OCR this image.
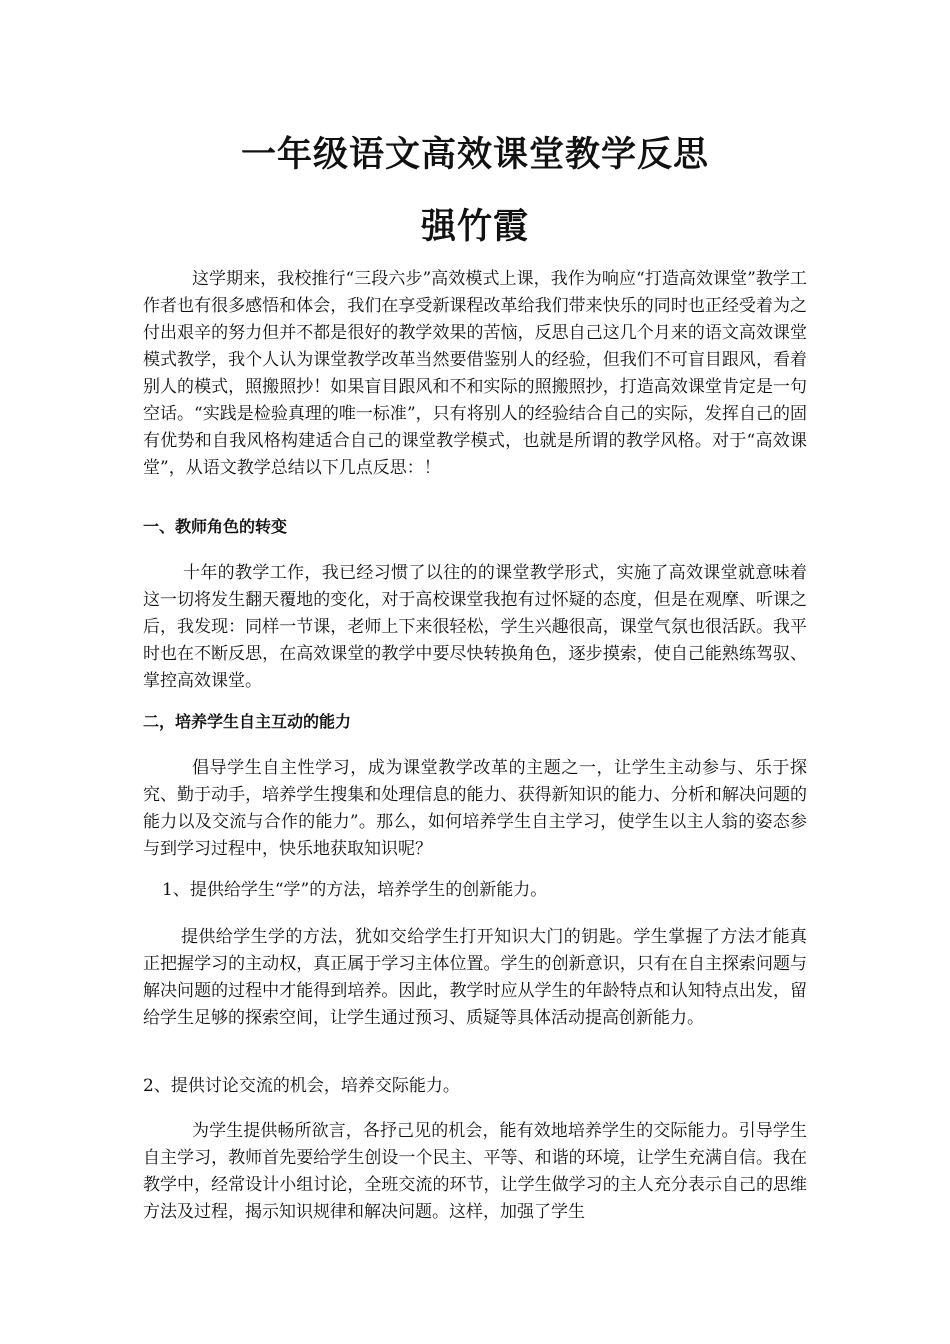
一年级语文高效课堂教学反思
强竹霞

这学期来，我校推行“三段六步”高效模式上课，我作为响应“打造高效课堂”教学工作者也有很多感悟和体会，我们在享受新课程改革给我们带来快乐的同时也正经受着为之付出艰辛的努力但并不都是很好的教学效果的苦恼，反思自己这几个月来的语文高效课堂模式教学，我个人认为课堂教学改革当然要借鉴别人的经验，但我们不可盲目跟风，看着别人的模式，照搬照抄！如果盲目跟风和不和实际的照搬照抄，打造高效课堂肯定是一句空话。“实践是检验真理的唯一标准”，只有将别人的经验结合自己的实际，发挥自己的固有优势和自我风格构建适合自己的课堂教学模式，也就是所谓的教学风格。对于“高效课堂”，从语文教学总结以下几点反思：！

一、教师角色的转变

十年的教学工作，我已经习惯了以往的的课堂教学形式，实施了高效课堂就意味着这一切将发生翻天覆地的变化，对于高校课堂我抱有过怀疑的态度，但是在观摩、听课之后，我发现：同样一节课，老师上下来很轻松，学生兴趣很高，课堂气氛也很活跃。我平时也在不断反思，在高效课堂的教学中要尽快转换角色，逐步摸索，使自己能熟练驾驭、掌控高效课堂。

二，培养学生自主互动的能力

倡导学生自主性学习，成为课堂教学改革的主题之一，让学生主动参与、乐于探究、勤于动手，培养学生搜集和处理信息的能力、获得新知识的能力、分析和解决问题的能力以及交流与合作的能力”。那么，如何培养学生自主学习，使学生以主人翁的姿态参与到学习过程中，快乐地获取知识呢？

1、提供给学生“学”的方法，培养学生的创新能力。

提供给学生学的方法，犹如交给学生打开知识大门的钥匙。学生掌握了方法才能真正把握学习的主动权，真正属于学习主体位置。学生的创新意识，只有在自主探索问题与解决问题的过程中才能得到培养。因此，教学时应从学生的年龄特点和认知特点出发，留给学生足够的探索空间，让学生通过预习、质疑等具体活动提高创新能力。

2、提供讨论交流的机会，培养交际能力。

为学生提供畅所欲言，各抒己见的机会，能有效地培养学生的交际能力。引导学生自主学习，教师首先要给学生创设一个民主、平等、和谐的环境，让学生充满自信。我在教学中，经常设计小组讨论，全班交流的环节，让学生做学习的主人充分表示自己的思维方法及过程，揭示知识规律和解决问题。这样，加强了学生
